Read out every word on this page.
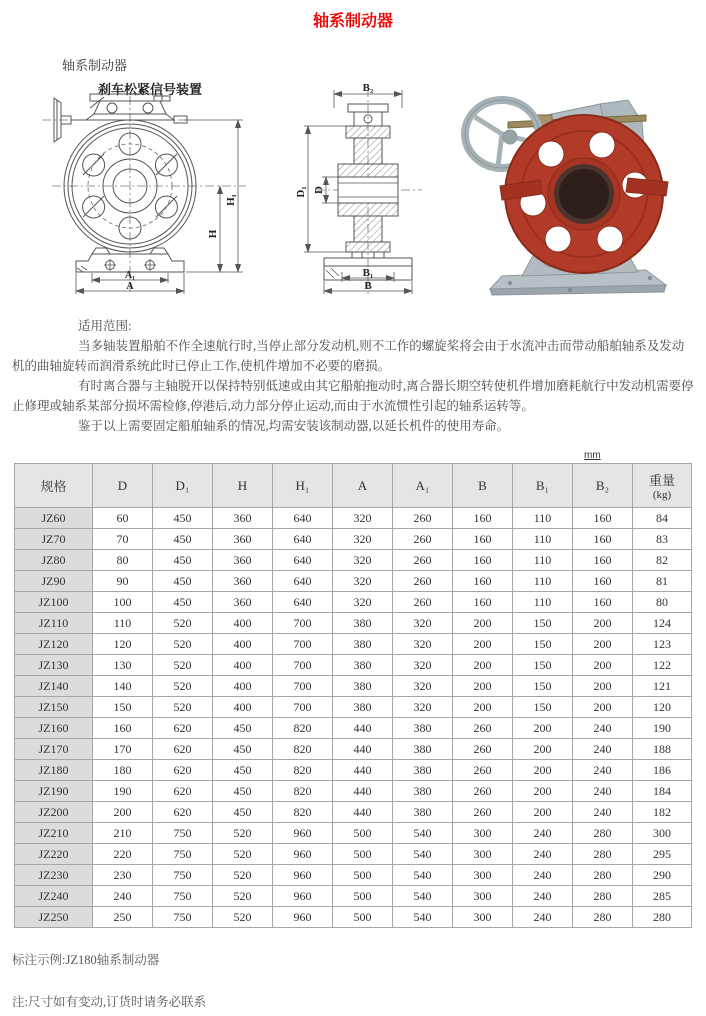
轴系制动器
轴系制动器
刹车松紧信号装置
H₁
H
A₁
A
B₂
D₁ D
B₁
B

适用范围:

当多轴装置船舶不作全速航行时,当停止部分发动机,则不工作的螺旋桨将会由于水流冲击而带动船舶轴系及发动机的曲轴旋转而润滑系统此时已停止工作,使机件增加不必要的磨损。

有时离合器与主轴脱开以保持特别低速或由其它船舶拖动时,离合器长期空转使机件增加磨耗航行中发动机需要停止修理或轴系某部分损坏需检修,停港后,动力部分停止运动,而由于水流惯性引起的轴系运转等。

鉴于以上需要固定船舶轴系的情况,均需安装该制动器,以延长机件的使用寿命。

mm
规格	D	D₁	H	H₁	A	A₁	B	B₁	B₂	重量
(kg)

JZ60	60	450	360	640	320	260	160	110	160	84
JZ70	70	450	360	640	320	260	160	110	160	83
JZ80	80	450	360	640	320	260	160	110	160	82
JZ90	90	450	360	640	320	260	160	110	160	81
JZ100	100	450	360	640	320	260	160	110	160	80
JZ110	110	520	400	700	380	320	200	150	200	124
JZ120	120	520	400	700	380	320	200	150	200	123
JZ130	130	520	400	700	380	320	200	150	200	122
JZ140	140	520	400	700	380	320	200	150	200	121
JZ150	150	520	400	700	380	320	200	150	200	120
JZ160	160	620	450	820	440	380	260	200	240	190
JZ170	170	620	450	820	440	380	260	200	240	188
JZ180	180	620	450	820	440	380	260	200	240	186
JZ190	190	620	450	820	440	380	260	200	240	184
JZ200	200	620	450	820	440	380	260	200	240	182
JZ210	210	750	520	960	500	540	300	240	280	300
JZ220	220	750	520	960	500	540	300	240	280	295
JZ230	230	750	520	960	500	540	300	240	280	290
JZ240	240	750	520	960	500	540	300	240	280	285
JZ250	250	750	520	960	500	540	300	240	280	280

标注示例:JZ180轴系制动器

注:尺寸如有变动,订货时请务必联系
